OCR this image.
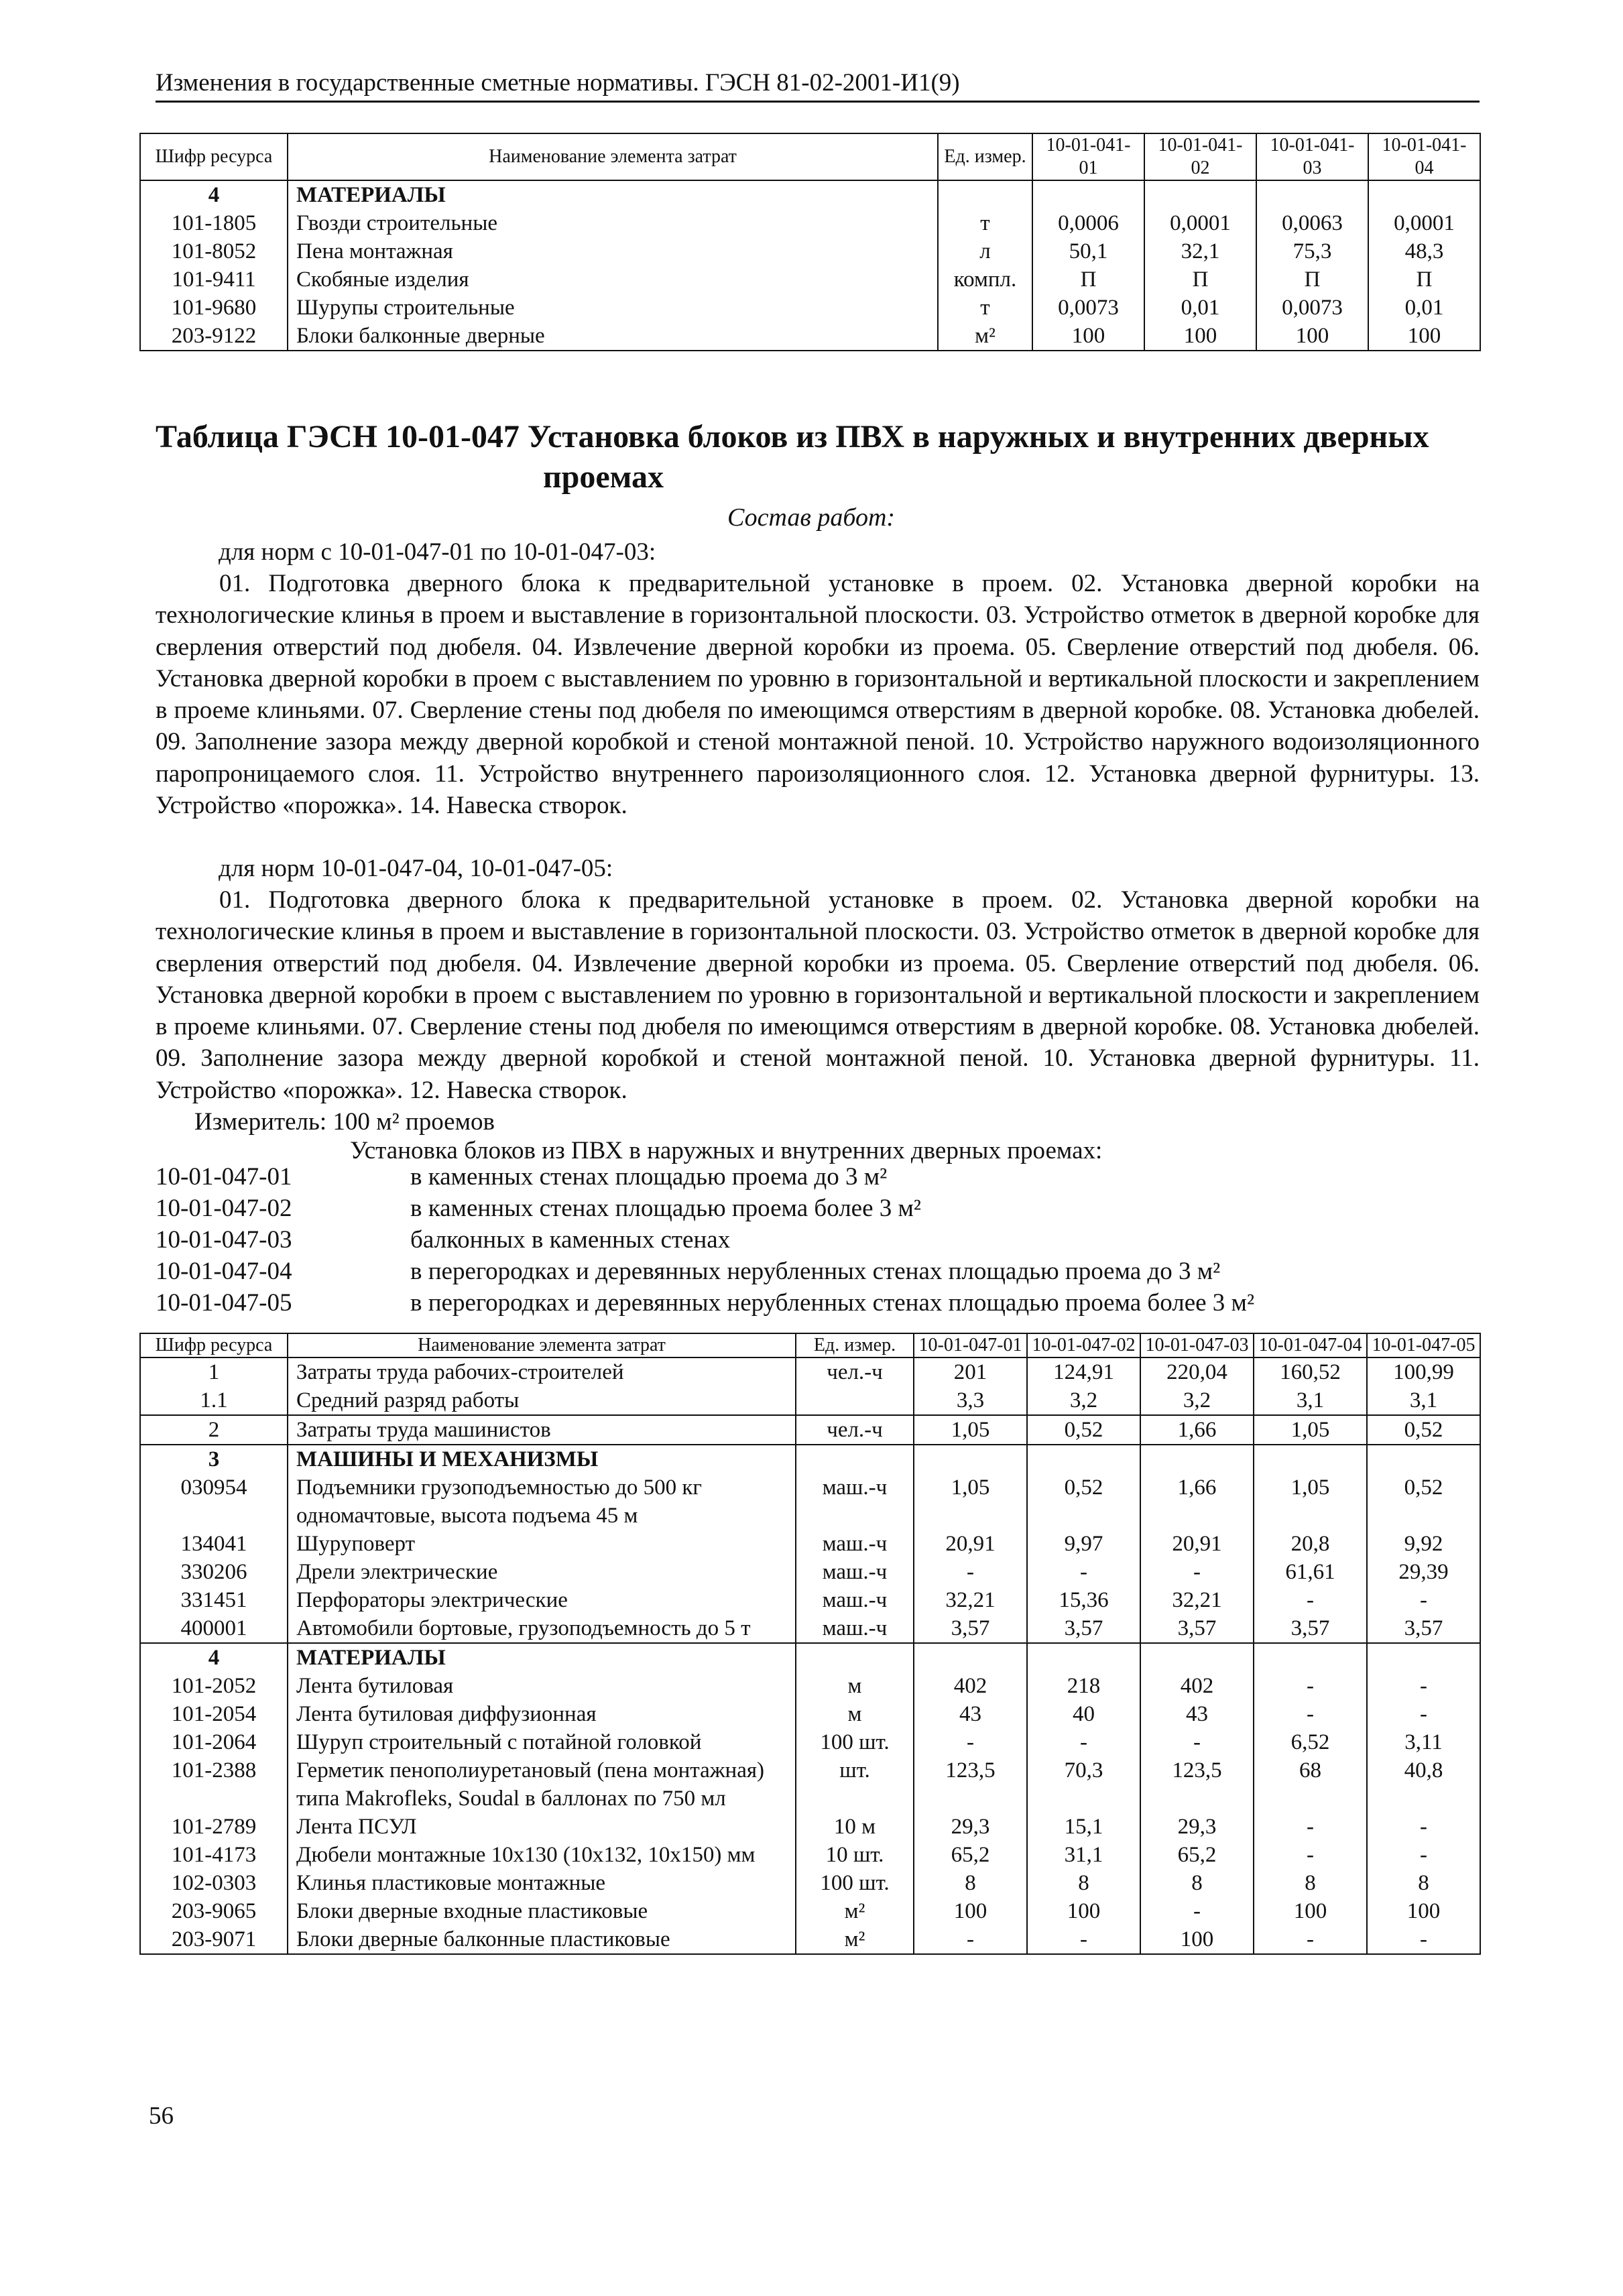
Изменения в государственные сметные нормативы. ГЭСН 81-02-2001-И1(9)
Шифр ресурса	Наименование элемента затрат	Ед. измер.	10-01-041-01	10-01-041-02	10-01-041-03	10-01-041-04
4	МАТЕРИАЛЫ					
101-1805	Гвозди строительные	т	0,0006	0,0001	0,0063	0,0001
101-8052	Пена монтажная	л	50,1	32,1	75,3	48,3
101-9411	Скобяные изделия	компл.	П	П	П	П
101-9680	Шурупы строительные	т	0,0073	0,01	0,0073	0,01
203-9122	Блоки балконные дверные	м²	100	100	100	100
Таблица ГЭСН 10-01-047 Установка блоков из ПВХ в наружных и внутренних дверных
проемах
Состав работ:
для норм с 10-01-047-01 по 10-01-047-03:
01. Подготовка дверного блока к предварительной установке в проем. 02. Установка дверной коробки на технологические клинья в проем и выставление в горизонтальной плоскости. 03. Устройство отметок в дверной коробке для сверления отверстий под дюбеля. 04. Извлечение дверной коробки из проема. 05. Сверление отверстий под дюбеля. 06. Установка дверной коробки в проем с выставлением по уровню в горизонтальной и вертикальной плоскости и закреплением в проеме клиньями. 07. Сверление стены под дюбеля по имеющимся отверстиям в дверной коробке. 08. Установка дюбелей. 09. Заполнение зазора между дверной коробкой и стеной монтажной пеной. 10. Устройство наружного водоизоляционного паропроницаемого слоя. 11. Устройство внутреннего пароизоляционного слоя. 12. Установка дверной фурнитуры. 13. Устройство «порожка». 14. Навеска створок.
для норм 10-01-047-04, 10-01-047-05:
01. Подготовка дверного блока к предварительной установке в проем. 02. Установка дверной коробки на технологические клинья в проем и выставление в горизонтальной плоскости. 03. Устройство отметок в дверной коробке для сверления отверстий под дюбеля. 04. Извлечение дверной коробки из проема. 05. Сверление отверстий под дюбеля. 06. Установка дверной коробки в проем с выставлением по уровню в горизонтальной и вертикальной плоскости и закреплением в проеме клиньями. 07. Сверление стены под дюбеля по имеющимся отверстиям в дверной коробке. 08. Установка дюбелей. 09. Заполнение зазора между дверной коробкой и стеной монтажной пеной. 10. Установка дверной фурнитуры. 11. Устройство «порожка». 12. Навеска створок.
Измеритель: 100 м² проемов
Установка блоков из ПВХ в наружных и внутренних дверных проемах:
10-01-047-01	в каменных стенах площадью проема до 3 м²
10-01-047-02	в каменных стенах площадью проема более 3 м²
10-01-047-03	балконных в каменных стенах
10-01-047-04	в перегородках и деревянных нерубленных стенах площадью проема до 3 м²
10-01-047-05	в перегородках и деревянных нерубленных стенах площадью проема более 3 м²
Шифр ресурса	Наименование элемента затрат	Ед. измер.	10-01-047-01	10-01-047-02	10-01-047-03	10-01-047-04	10-01-047-05
1	Затраты труда рабочих-строителей	чел.-ч	201	124,91	220,04	160,52	100,99
1.1	Средний разряд работы		3,3	3,2	3,2	3,1	3,1
2	Затраты труда машинистов	чел.-ч	1,05	0,52	1,66	1,05	0,52
3	МАШИНЫ И МЕХАНИЗМЫ						
030954	Подъемники грузоподъемностью до 500 кг одномачтовые, высота подъема 45 м	маш.-ч	1,05	0,52	1,66	1,05	0,52
134041	Шуруповерт	маш.-ч	20,91	9,97	20,91	20,8	9,92
330206	Дрели электрические	маш.-ч	-	-	-	61,61	29,39
331451	Перфораторы электрические	маш.-ч	32,21	15,36	32,21	-	-
400001	Автомобили бортовые, грузоподъемность до 5 т	маш.-ч	3,57	3,57	3,57	3,57	3,57
4	МАТЕРИАЛЫ						
101-2052	Лента бутиловая	м	402	218	402	-	-
101-2054	Лента бутиловая диффузионная	м	43	40	43	-	-
101-2064	Шуруп строительный с потайной головкой	100 шт.	-	-	-	6,52	3,11
101-2388	Герметик пенополиуретановый (пена монтажная) типа Makroflеks, Soudal в баллонах по 750 мл	шт.	123,5	70,3	123,5	68	40,8
101-2789	Лента ПСУЛ	10 м	29,3	15,1	29,3	-	-
101-4173	Дюбели монтажные 10х130 (10х132, 10х150) мм	10 шт.	65,2	31,1	65,2	-	-
102-0303	Клинья пластиковые монтажные	100 шт.	8	8	8	8	8
203-9065	Блоки дверные входные пластиковые	м²	100	100	-	100	100
203-9071	Блоки дверные балконные пластиковые	м²	-	-	100	-	-
56
